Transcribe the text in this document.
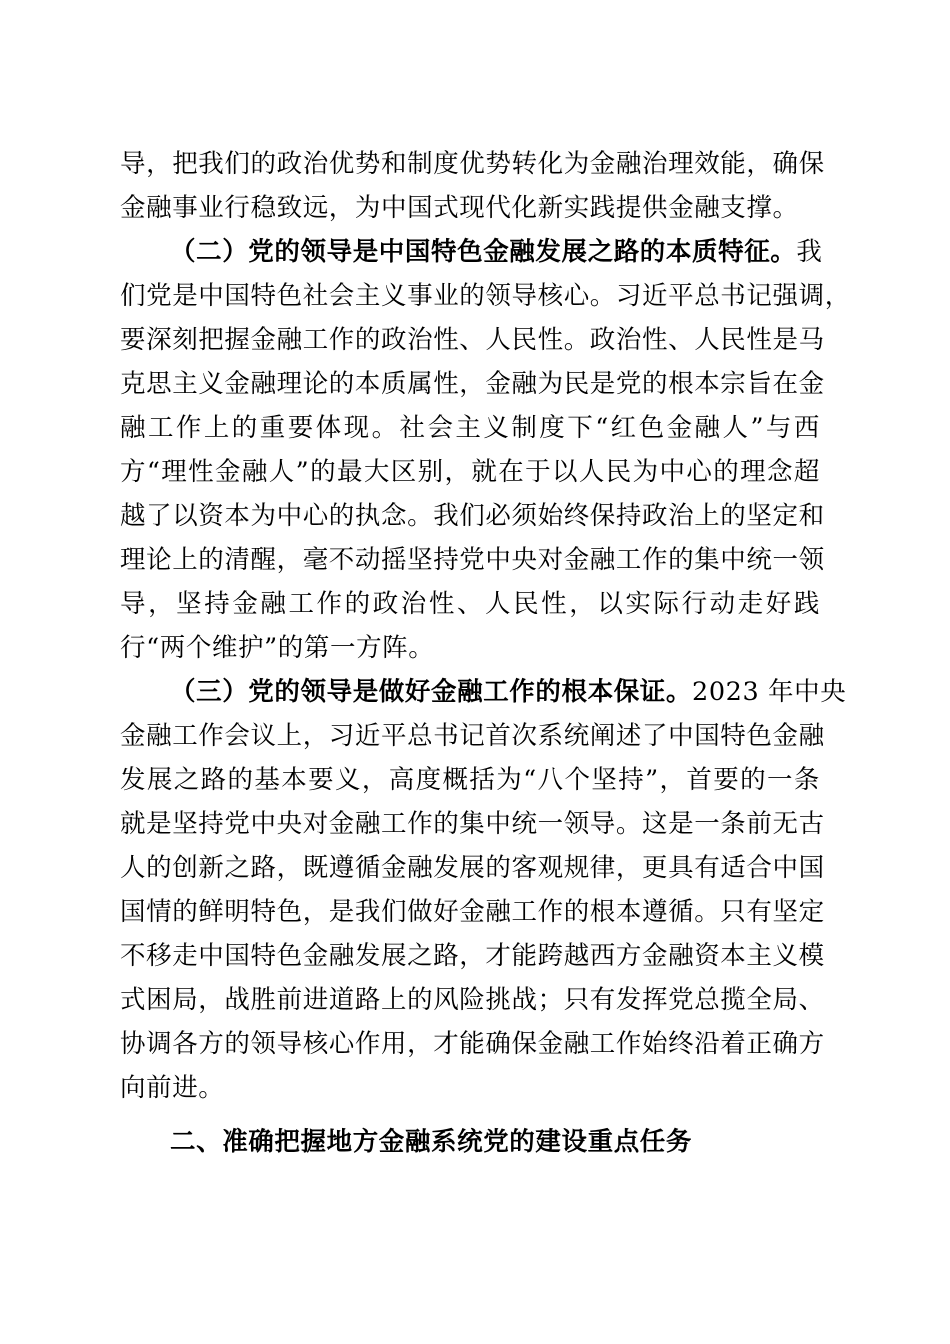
导，把我们的政治优势和制度优势转化为金融治理效能，确保
金融事业行稳致远，为中国式现代化新实践提供金融支撑。
（二）党的领导是中国特色金融发展之路的本质特征。我
们党是中国特色社会主义事业的领导核心。习近平总书记强调，
要深刻把握金融工作的政治性、人民性。政治性、人民性是马
克思主义金融理论的本质属性，金融为民是党的根本宗旨在金
融工作上的重要体现。社会主义制度下“红色金融人”与西
方“理性金融人”的最大区别，就在于以人民为中心的理念超
越了以资本为中心的执念。我们必须始终保持政治上的坚定和
理论上的清醒，毫不动摇坚持党中央对金融工作的集中统一领
导，坚持金融工作的政治性、人民性，以实际行动走好践
行“两个维护”的第一方阵。
（三）党的领导是做好金融工作的根本保证。2023 年中央
金融工作会议上，习近平总书记首次系统阐述了中国特色金融
发展之路的基本要义，高度概括为“八个坚持”，首要的一条
就是坚持党中央对金融工作的集中统一领导。这是一条前无古
人的创新之路，既遵循金融发展的客观规律，更具有适合中国
国情的鲜明特色，是我们做好金融工作的根本遵循。只有坚定
不移走中国特色金融发展之路，才能跨越西方金融资本主义模
式困局，战胜前进道路上的风险挑战；只有发挥党总揽全局、
协调各方的领导核心作用，才能确保金融工作始终沿着正确方
向前进。
二、准确把握地方金融系统党的建设重点任务
